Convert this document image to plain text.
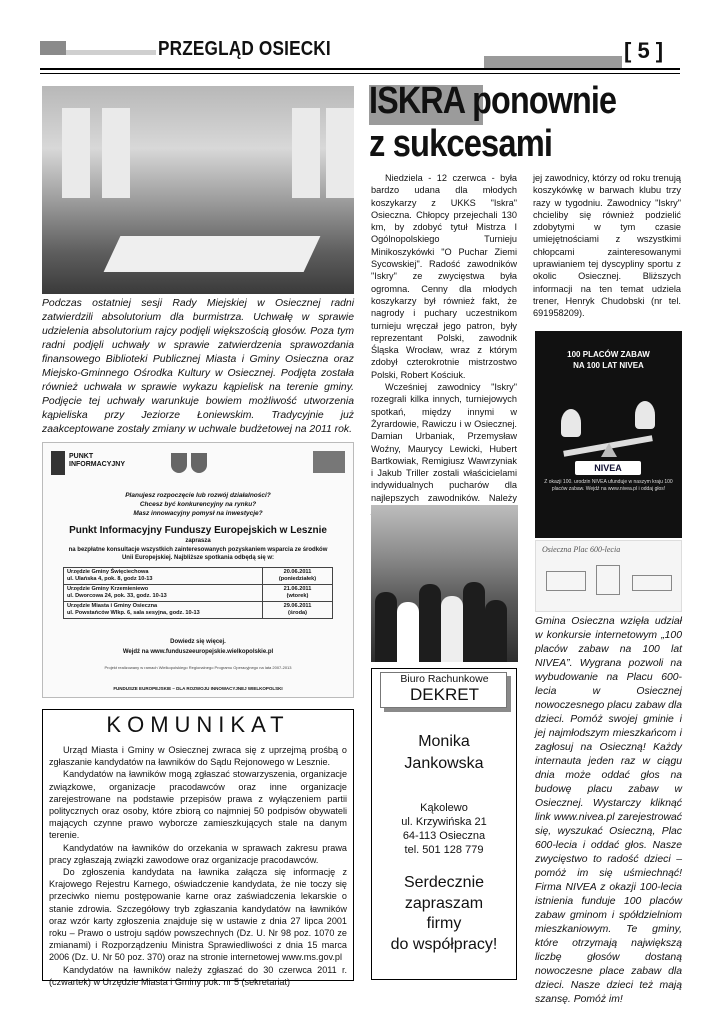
PRZEGLĄD OSIECKI	[ 5 ]
Podczas ostatniej sesji Rady Miejskiej w Osiecznej radni zatwierdzili absolutorium dla burmistrza. Uchwałę w sprawie udzielenia absolutorium rajcy podjęli większością głosów. Poza tym radni podjęli uchwały w sprawie zatwierdzenia sprawozdania finansowego Biblioteki Publicznej Miasta i Gminy Osieczna oraz Miejsko-Gminnego Ośrodka Kultury w Osiecznej. Podjęta została również uchwała w sprawie wykazu kąpielisk na terenie gminy. Podjęcie tej uchwały warunkuje bowiem możliwość utworzenia kąpieliska przy Jeziorze Łoniewskim. Tradycyjnie już zaakceptowane zostały zmiany w uchwale budżetowej na 2011 rok.
PUNKT INFORMACYJNY
Planujesz rozpoczęcie lub rozwój działalności?
Chcesz być konkurencyjny na rynku?
Masz innowacyjny pomysł na inwestycje?
Punkt Informacyjny Funduszy Europejskich w Lesznie
zaprasza
na bezpłatne konsultacje wszystkich zainteresowanych pozyskaniem wsparcia ze środków Unii Europejskiej. Najbliższe spotkania odbędą się w:
Urzędzie Gminy Święciechowa
ul. Ulańska 4, pok. 8, godz 10-13	20.06.2011
(poniedziałek)
Urzędzie Gminy Krzemieniewo
ul. Dworcowa 24, pok. 33, godz. 10-13	21.06.2011
(wtorek)
Urzędzie Miasta i Gminy Osieczna
ul. Powstańców Wlkp. 6, sala sesyjna, godz. 10-13	29.06.2011
(środa)
Dowiedz się więcej.
Wejdź na www.funduszeeuropejskie.wielkopolskie.pl
Projekt realizowany w ramach Wielkopolskiego Regionalnego Programu Operacyjnego na lata 2007-2013
FUNDUSZE EUROPEJSKIE – DLA ROZWOJU INNOWACYJNEJ WIELKOPOLSKI
KOMUNIKAT

Urząd Miasta i Gminy w Osiecznej zwraca się z uprzejmą prośbą o zgłaszanie kandydatów na ławników do Sądu Rejonowego w Lesznie.

Kandydatów na ławników mogą zgłaszać stowarzyszenia, organizacje związkowe, organizacje pracodawców oraz inne organizacje zarejestrowane na podstawie przepisów prawa z wyłączeniem partii politycznych oraz osoby, które zbiorą co najmniej 50 podpisów obywateli mających czynne prawo wyborcze zamieszkujących stale na danym terenie.

Kandydatów na ławników do orzekania w sprawach zakresu prawa pracy zgłaszają związki zawodowe oraz organizacje pracodawców.

Do zgłoszenia kandydata na ławnika załącza się informację z Krajowego Rejestru Karnego, oświadczenie kandydata, że nie toczy się przeciwko niemu postępowanie karne oraz zaświadczenia lekarskie o stanie zdrowia. Szczegółowy tryb zgłaszania kandydatów na ławników oraz wzór karty zgłoszenia znajduje się w ustawie z dnia 27 lipca 2001 roku – Prawo o ustroju sądów powszechnych (Dz. U. Nr 98 poz. 1070 ze zmianami) i Rozporządzeniu Ministra Sprawiedliwości z dnia 15 marca 2006 (Dz. U. Nr 50 poz. 370) oraz na stronie internetowej www.ms.gov.pl

Kandydatów na ławników należy zgłaszać do 30 czerwca 2011 r. (czwartek) w Urzędzie Miasta i Gminy pok. nr 5 (sekretariat)

ISKRA ponownie
z sukcesami

Niedziela - 12 czerwca - była bardzo udana dla młodych koszykarzy z UKKS "Iskra" Osieczna. Chłopcy przejechali 130 km, by zdobyć tytuł Mistrza I Ogólnopolskiego Turnieju Minikoszykówki "O Puchar Ziemi Sycowskiej". Radość zawodników "Iskry" ze zwycięstwa była ogromna. Cenny dla młodych koszykarzy był również fakt, że nagrody i puchary uczestnikom turnieju wręczał jego patron, były reprezentant Polski, zawodnik Śląska Wrocław, wraz z którym zdobył czterokrotnie mistrzostwo Polski, Robert Kościuk.

Wcześniej zawodnicy "Iskry" rozegrali kilka innych, turniejowych spotkań, między innymi w Żyrardowie, Rawiczu i w Osiecznej. Damian Urbaniak, Przemysław Woźny, Maurycy Lewicki, Hubert Bartkowiak, Remigiusz Wawrzyniak i Jakub Triller zostali właścicielami indywidualnych pucharów dla najlepszych zawodników. Należy

jej zawodnicy, którzy od roku trenują koszykówkę w barwach klubu trzy razy w tygodniu. Zawodnicy "Iskry" chcieliby się również podzielić zdobytymi w tym czasie umiejętnościami z wszystkimi chłopcami zainteresowanymi uprawianiem tej dyscypliny sportu z okolic Osiecznej. Bliższych informacji na ten temat udziela trener, Henryk Chudobski (nr tel. 691958209).
Biuro Rachunkowe
DEKRET
Monika
Jankowska
Kąkolewo
ul. Krzywińska 21
64-113 Osieczna
tel. 501 128 779
Serdecznie
zapraszam
firmy
do współpracy!
100 PLACÓW ZABAW
NA 100 LAT NIVEA
NIVEA
Z okazji 100. urodzin NIVEA ufunduje w naszym kraju 100 placów zabaw. Wejdź na www.nivea.pl i oddaj głos!
Osieczna Plac 600-lecia
Gmina Osieczna wzięła udział w konkursie internetowym „100 placów zabaw na 100 lat NIVEA”. Wygrana pozwoli na wybudowanie na Placu 600-lecia w Osiecznej nowoczesnego placu zabaw dla dzieci. Pomóż swojej gminie i jej najmłodszym mieszkańcom i zagłosuj na Osieczną! Każdy internauta jeden raz w ciągu dnia może oddać głos na budowę placu zabaw w Osiecznej. Wystarczy kliknąć link www.nivea.pl zarejestrować się, wyszukać Osieczną, Plac 600-lecia i oddać głos. Nasze zwycięstwo to radość dzieci – pomóż im się uśmiechnąć! Firma NIVEA z okazji 100-lecia istnienia funduje 100 placów zabaw gminom i spółdzielniom mieszkaniowym. Te gminy, które otrzymają największą liczbę głosów dostaną nowoczesne place zabaw dla dzieci. Nasze dzieci też mają szansę. Pomóż im!
